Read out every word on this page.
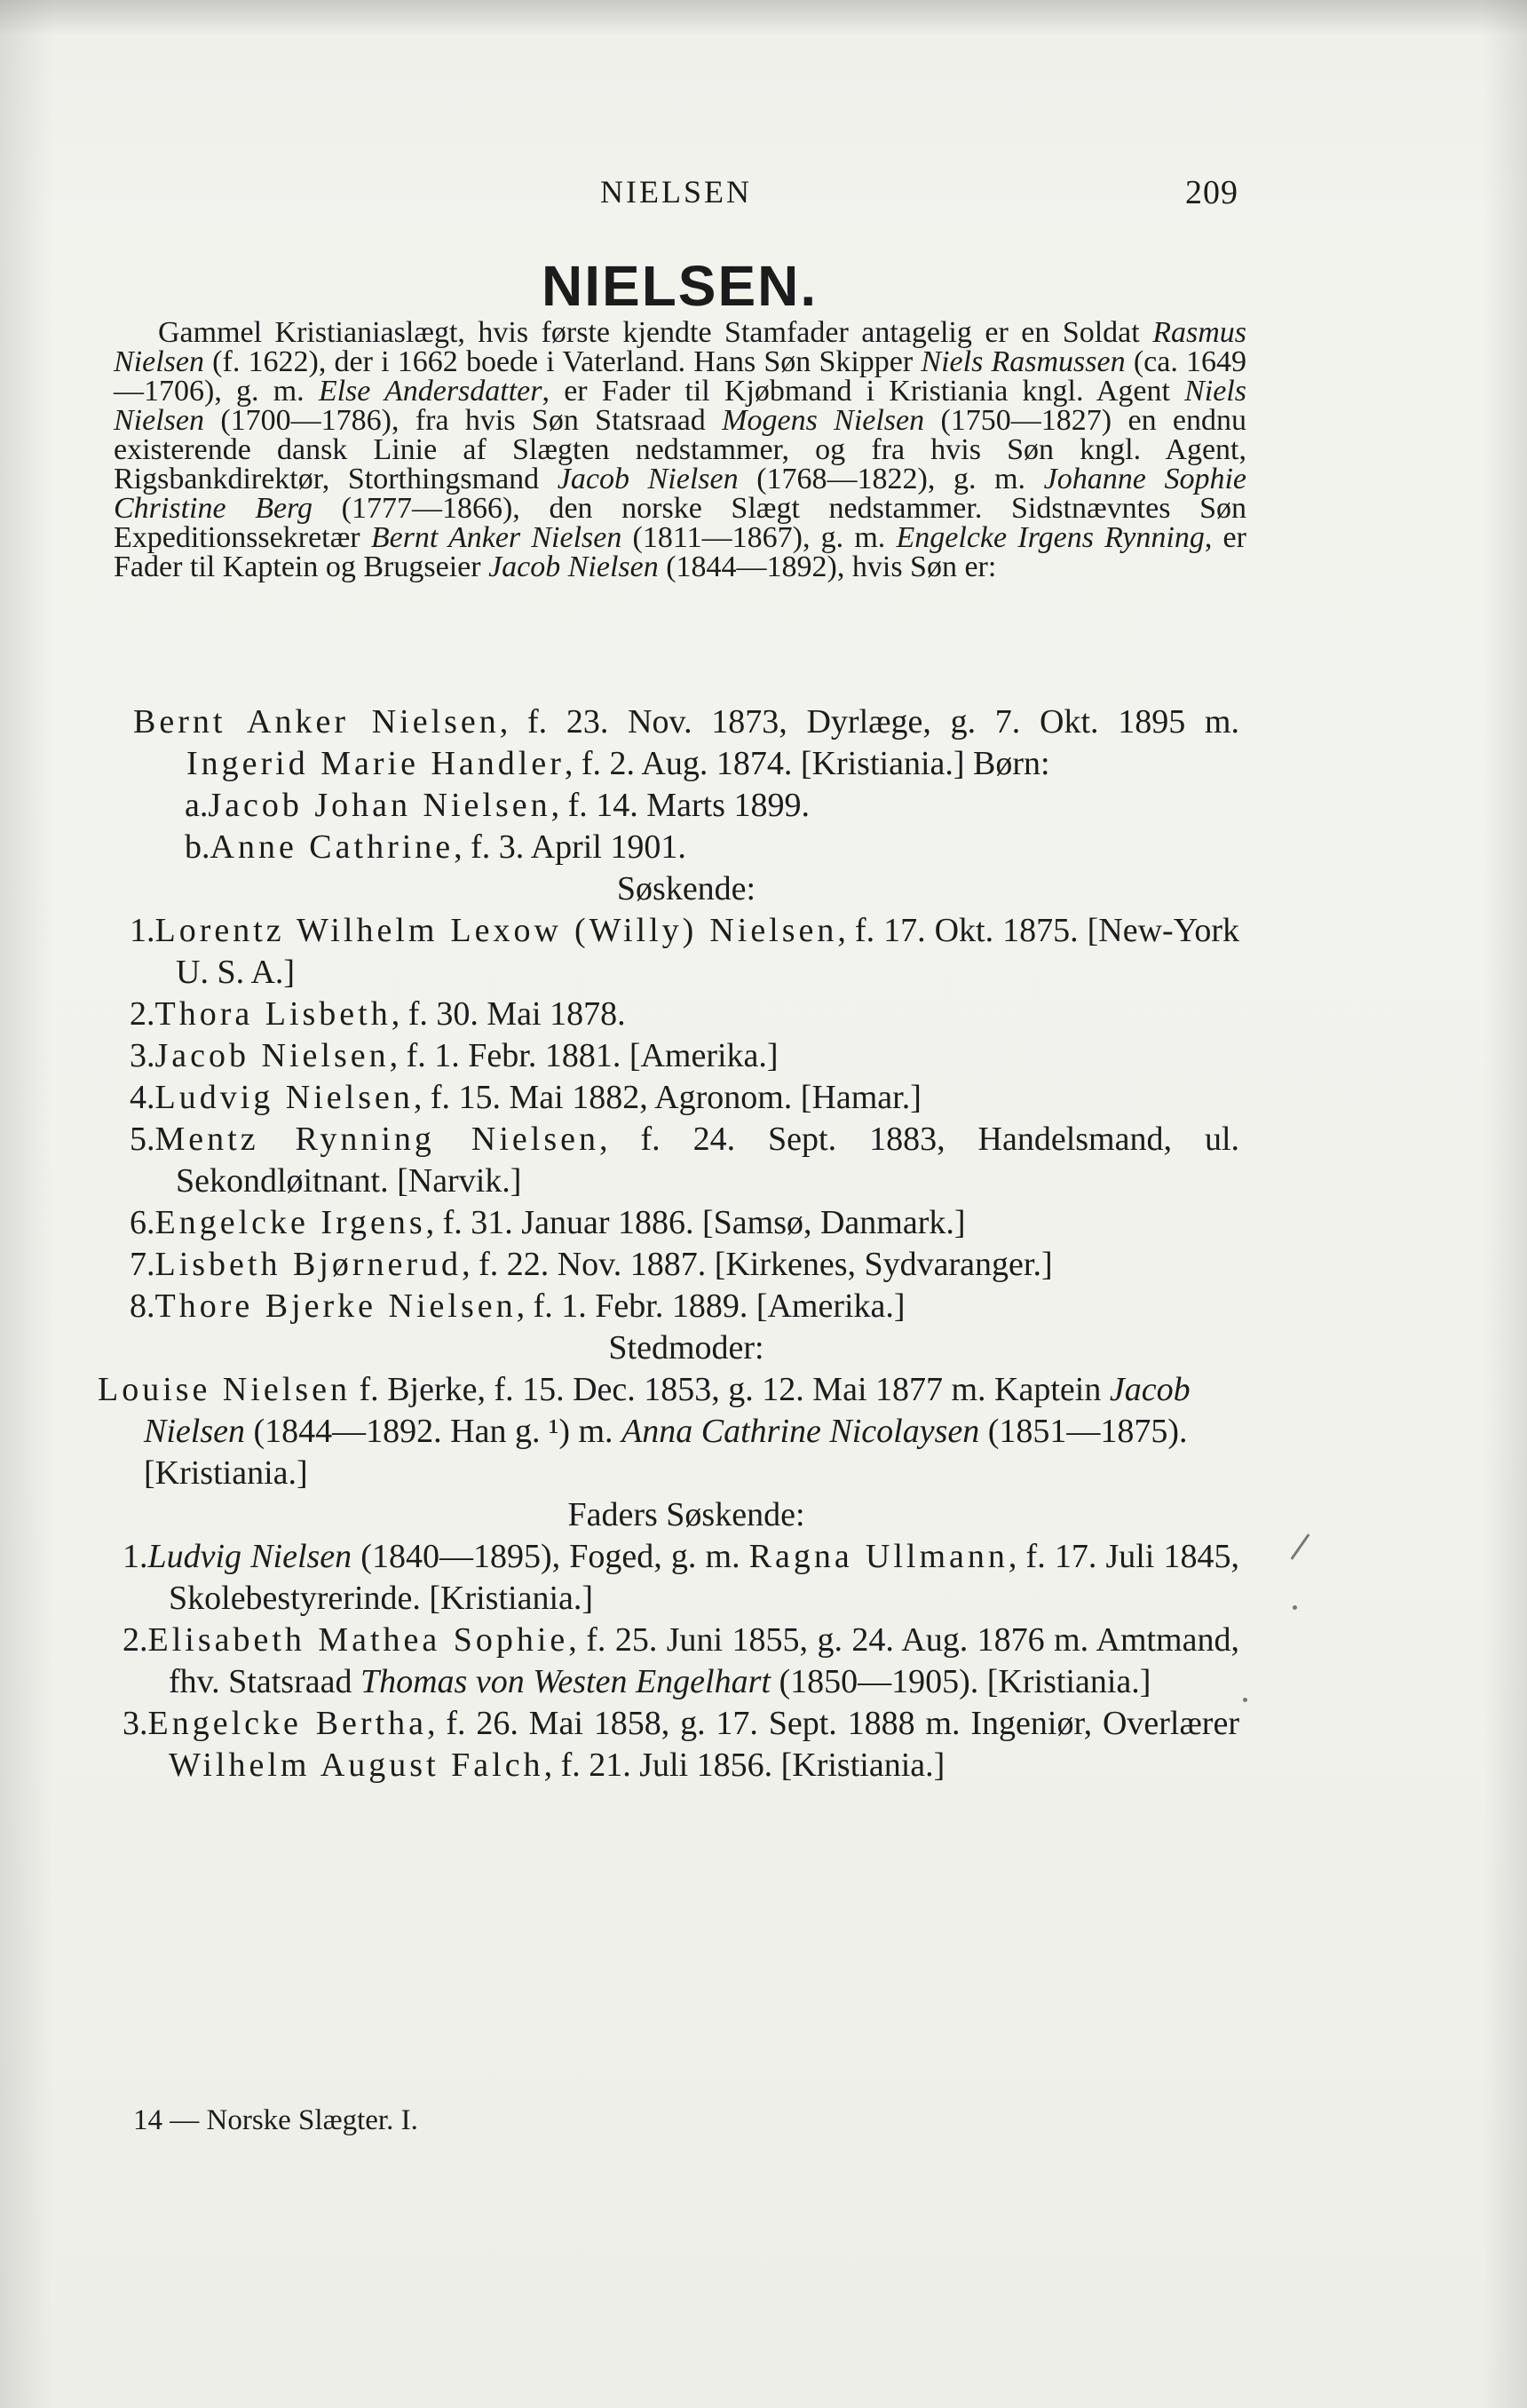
NIELSEN	209
NIELSEN.

Gammel Kristianiaslægt, hvis første kjendte Stamfader antagelig er en Soldat Rasmus Nielsen (f. 1622), der i 1662 boede i Vaterland. Hans Søn Skipper Niels Rasmussen (ca. 1649—1706), g. m. Else Andersdatter, er Fader til Kjøbmand i Kristiania kngl. Agent Niels Nielsen (1700—1786), fra hvis Søn Statsraad Mogens Nielsen (1750—1827) en endnu existerende dansk Linie af Slægten nedstammer, og fra hvis Søn kngl. Agent, Rigsbankdirektør, Storthingsmand Jacob Nielsen (1768—1822), g. m. Johanne Sophie Christine Berg (1777—1866), den norske Slægt nedstammer. Sidstnævntes Søn Expeditionssekretær Bernt Anker Nielsen (1811—1867), g. m. Engelcke Irgens Rynning, er Fader til Kaptein og Brugseier Jacob Nielsen (1844—1892), hvis Søn er:

Bernt Anker Nielsen, f. 23. Nov. 1873, Dyrlæge, g. 7. Okt. 1895 m. Ingerid Marie Handler, f. 2. Aug. 1874. [Kristiania.] Børn:

a.Jacob Johan Nielsen, f. 14. Marts 1899.

b.Anne Cathrine, f. 3. April 1901.

Søskende:

1.Lorentz Wilhelm Lexow (Willy) Nielsen, f. 17. Okt. 1875. [New-York U. S. A.]

2.Thora Lisbeth, f. 30. Mai 1878.

3.Jacob Nielsen, f. 1. Febr. 1881. [Amerika.]

4.Ludvig Nielsen, f. 15. Mai 1882, Agronom. [Hamar.]

5.Mentz Rynning Nielsen, f. 24. Sept. 1883, Handelsmand, ul. Sekondløitnant. [Narvik.]

6.Engelcke Irgens, f. 31. Januar 1886. [Samsø, Danmark.]

7.Lisbeth Bjørnerud, f. 22. Nov. 1887. [Kirkenes, Sydvaranger.]

8.Thore Bjerke Nielsen, f. 1. Febr. 1889. [Amerika.]

Stedmoder:

Louise Nielsen f. Bjerke, f. 15. Dec. 1853, g. 12. Mai 1877 m. Kaptein Jacob Nielsen (1844—1892. Han g. ¹) m. Anna Cathrine Nicolaysen (1851—1875). [Kristiania.]

Faders Søskende:

1.Ludvig Nielsen (1840—1895), Foged, g. m. Ragna Ullmann, f. 17. Juli 1845, Skolebestyrerinde. [Kristiania.]

2.Elisabeth Mathea Sophie, f. 25. Juni 1855, g. 24. Aug. 1876 m. Amtmand, fhv. Statsraad Thomas von Westen Engelhart (1850—1905). [Kristiania.]

3.Engelcke Bertha, f. 26. Mai 1858, g. 17. Sept. 1888 m. Ingeniør, Overlærer Wilhelm August Falch, f. 21. Juli 1856. [Kristiania.]

14 — Norske Slægter. I.
